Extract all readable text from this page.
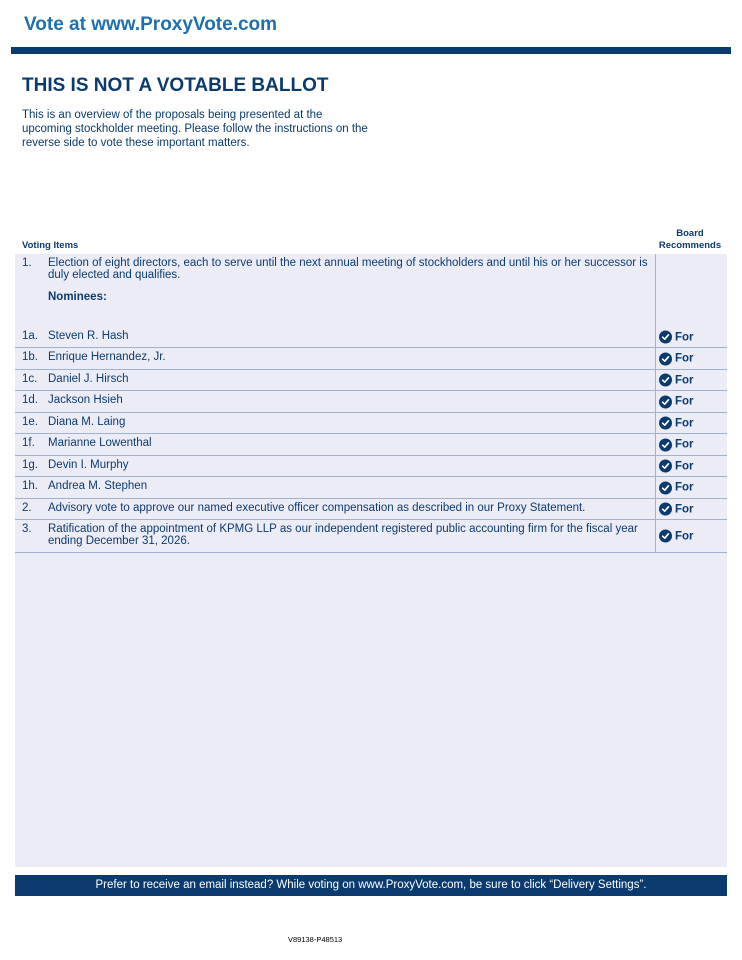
Vote at www.ProxyVote.com
THIS IS NOT A VOTABLE BALLOT
This is an overview of the proposals being presented at the upcoming stockholder meeting. Please follow the instructions on the reverse side to vote these important matters.
Voting Items
Board
Recommends
1. Election of eight directors, each to serve until the next annual meeting of stockholders and until his or her successor is duly elected and qualifies.
Nominees:
1a. Steven R. Hash	For
1b. Enrique Hernandez, Jr.	For
1c. Daniel J. Hirsch	For
1d. Jackson Hsieh	For
1e. Diana M. Laing	For
1f. Marianne Lowenthal	For
1g. Devin I. Murphy	For
1h. Andrea M. Stephen	For
2. Advisory vote to approve our named executive officer compensation as described in our Proxy Statement.	For
3. Ratification of the appointment of KPMG LLP as our independent registered public accounting firm for the fiscal year ending December 31, 2026.	For
Prefer to receive an email instead? While voting on www.ProxyVote.com, be sure to click “Delivery Settings”.
V89138-P48513
